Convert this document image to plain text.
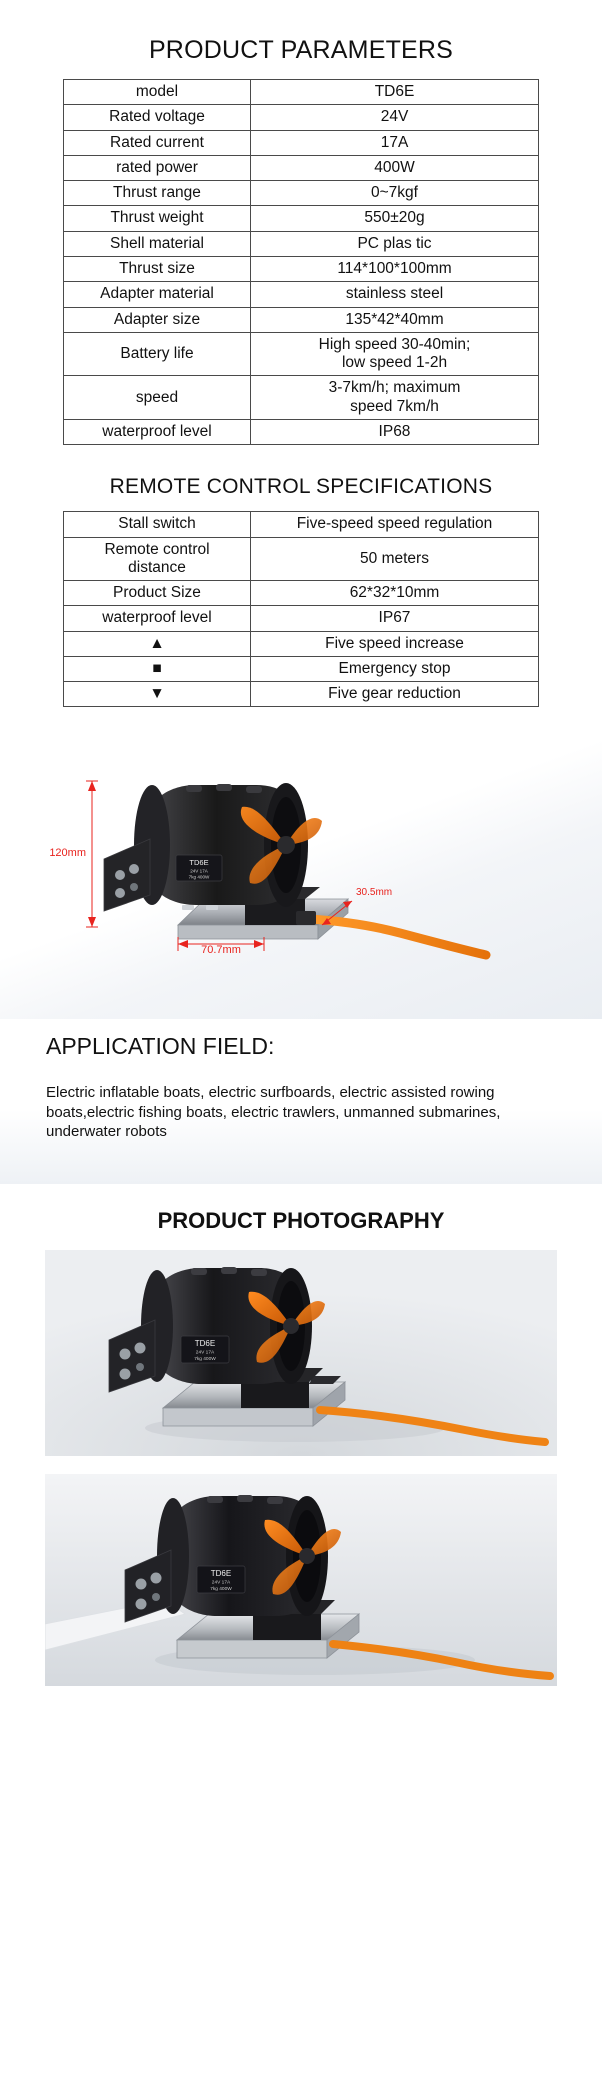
PRODUCT PARAMETERS
model	TD6E
Rated voltage	24V
Rated current	17A
rated power	400W
Thrust range	0~7kgf
Thrust weight	550±20g
Shell material	PC plas tic
Thrust size	114*100*100mm
Adapter material	stainless steel
Adapter size	135*42*40mm
Battery life	High speed 30-40min;
low speed 1-2h
speed	3-7km/h; maximum
speed 7km/h
waterproof level	IP68
REMOTE CONTROL SPECIFICATIONS
Stall switch	Five-speed speed regulation
Remote control
distance	50 meters
Product Size	62*32*10mm
waterproof level	IP67
▲	Five speed increase
■	Emergency stop
▼	Five gear reduction
TD6E
24V 17A
7kg 400W
120mm
70.7mm
30.5mm
APPLICATION FIELD:

Electric inflatable boats, electric surfboards, electric assisted rowing boats,electric fishing boats, electric trawlers, unmanned submarines, underwater robots

PRODUCT PHOTOGRAPHY
TD6E
24V 17A
7kg 400W
TD6E
24V 17A
7kg 400W
